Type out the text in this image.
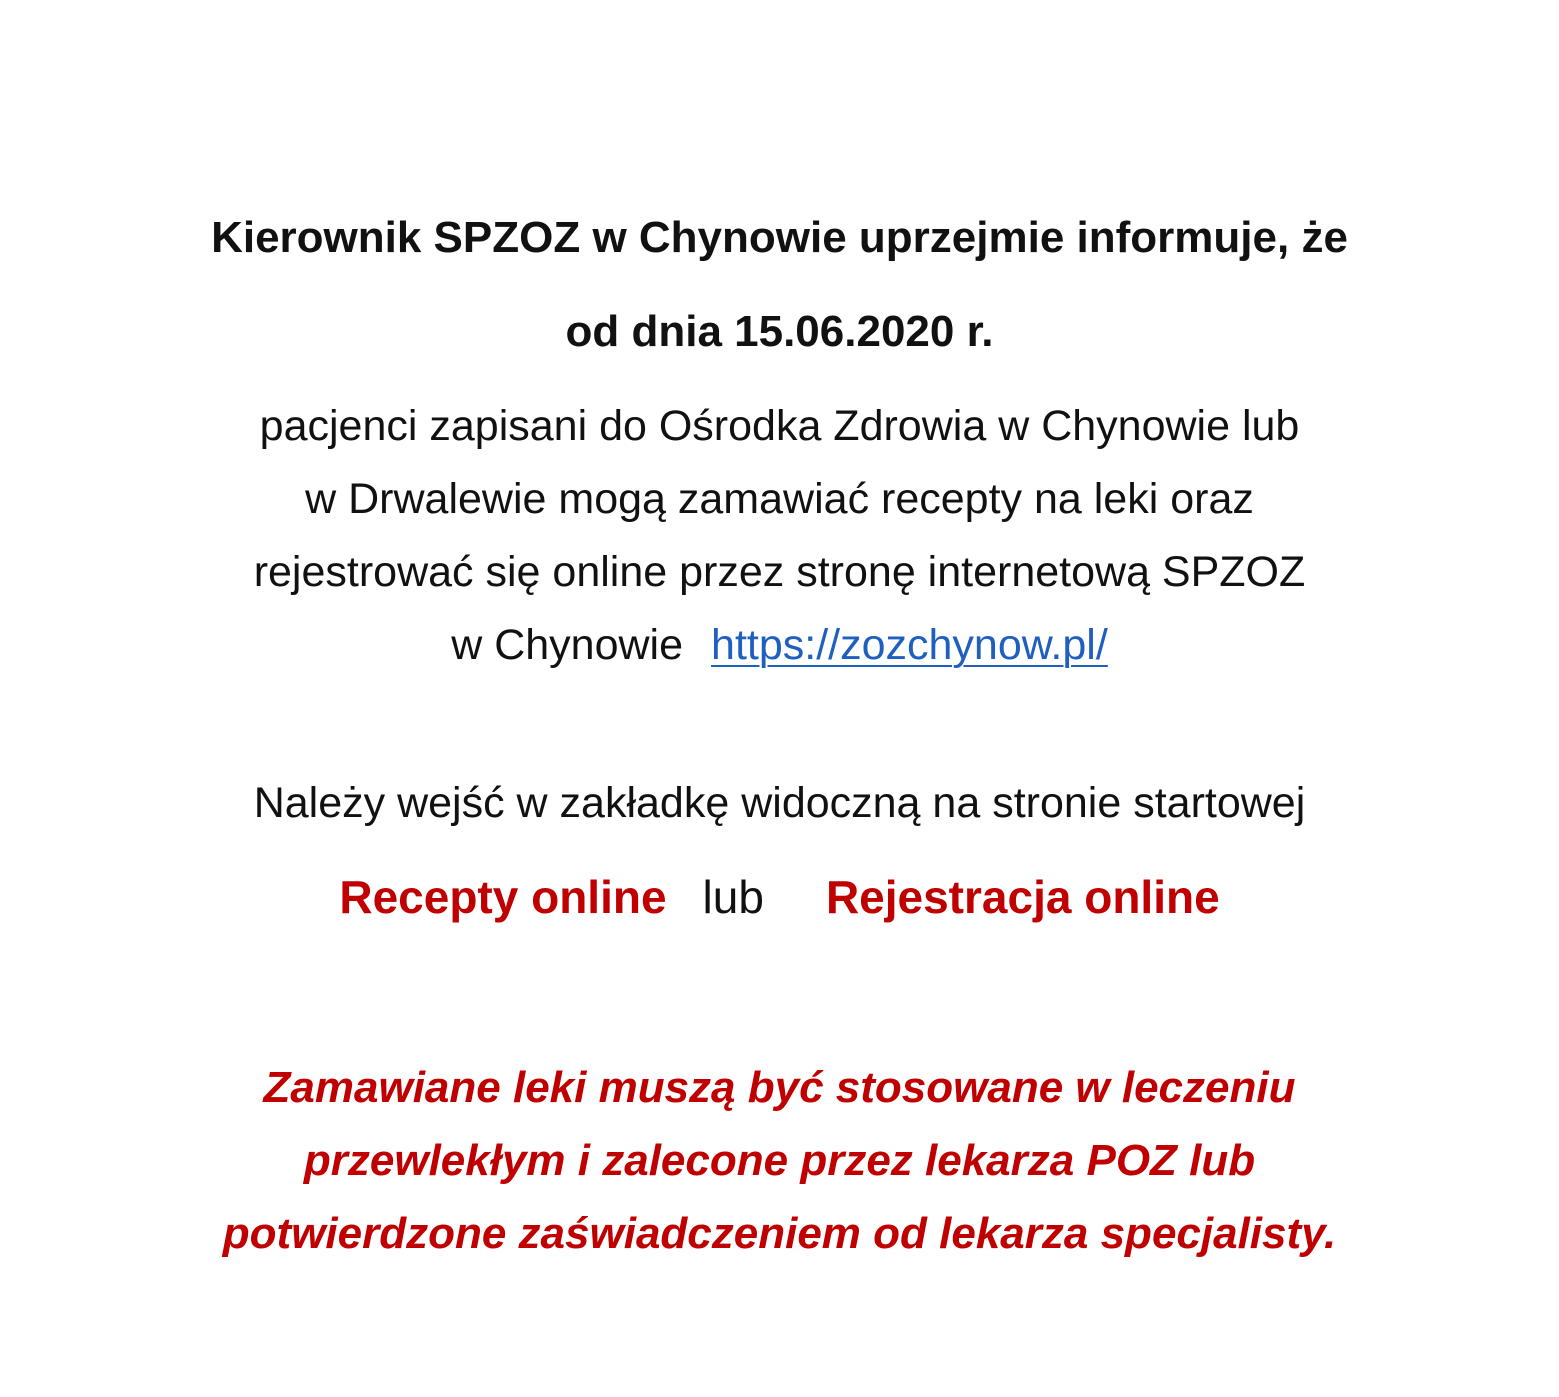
Kierownik SPZOZ w Chynowie uprzejmie informuje, że
od dnia 15.06.2020 r.
pacjenci zapisani do Ośrodka Zdrowia w Chynowie lub
w Drwalewie mogą zamawiać recepty na leki oraz
rejestrować się online przez stronę internetową SPZOZ
w Chynowie https://zozchynow.pl/
Należy wejść w zakładkę widoczną na stronie startowej
Recepty online lub Rejestracja online
Zamawiane leki muszą być stosowane w leczeniu
przewlekłym i zalecone przez lekarza POZ lub
potwierdzone zaświadczeniem od lekarza specjalisty.
